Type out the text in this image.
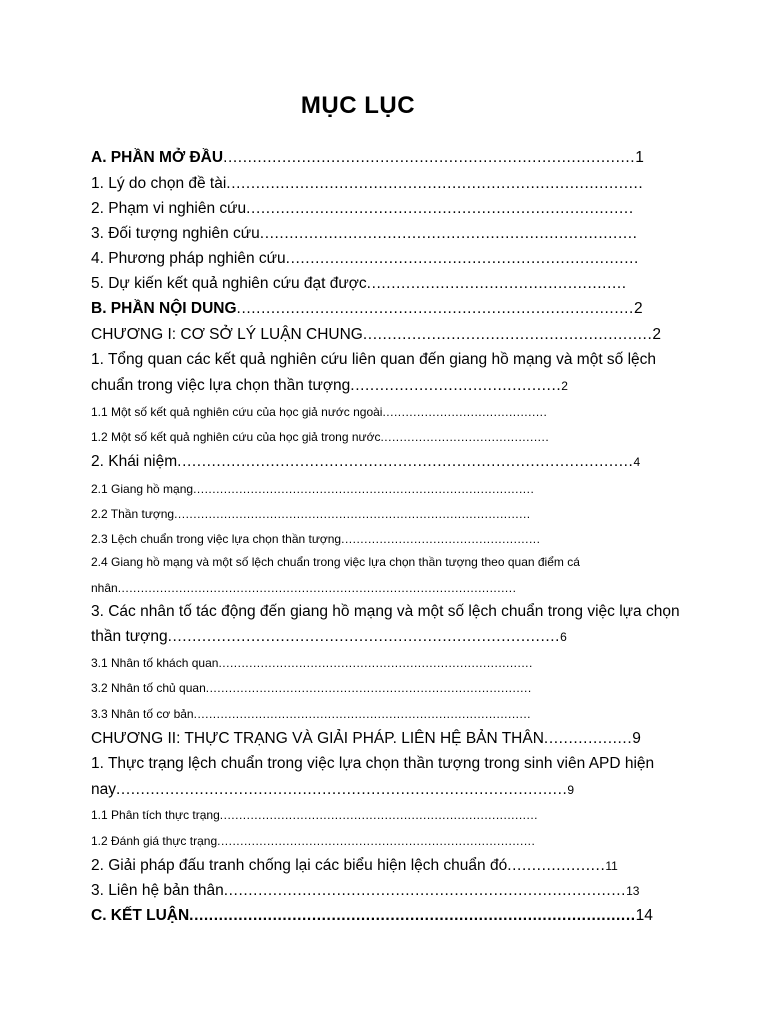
MỤC LỤC
A. PHẦN MỞ ĐẦU....................................................................................1
1. Lý do chọn đề tài.....................................................................................
2. Phạm vi nghiên cứu...............................................................................
3. Đối tượng nghiên cứu.............................................................................
4. Phương pháp nghiên cứu........................................................................
5. Dự kiến kết quả nghiên cứu đạt được.....................................................
B. PHẦN NỘI DUNG.................................................................................2
CHƯƠNG I: CƠ SỞ LÝ LUẬN CHUNG...........................................................2
1. Tổng quan các kết quả nghiên cứu liên quan đến giang hồ mạng và một số lệch
chuẩn trong việc lựa chọn thần tượng...........................................2
1.1 Một số kết quả nghiên cứu của học giả nước ngoài...........................................
1.2 Một số kết quả nghiên cứu của học giả trong nước............................................
2. Khái niệm.............................................................................................4
2.1 Giang hồ mạng.........................................................................................
2.2 Thần tượng.............................................................................................
2.3 Lệch chuẩn trong việc lựa chọn thần tượng....................................................
2.4 Giang hồ mạng và một số lệch chuẩn trong việc lựa chọn thần tượng theo quan điểm cá
nhân........................................................................................................
3. Các nhân tố tác động đến giang hồ mạng và một số lệch chuẩn trong việc lựa chọn
thần tượng................................................................................6
3.1 Nhân tố khách quan..................................................................................
3.2 Nhân tố chủ quan.....................................................................................
3.3 Nhân tố cơ bản........................................................................................
CHƯƠNG II: THỰC TRẠNG VÀ GIẢI PHÁP. LIÊN HỆ BẢN THÂN..................9
1. Thực trạng lệch chuẩn trong việc lựa chọn thần tượng trong sinh viên APD hiện
nay............................................................................................9
1.1 Phân tích thực trạng...................................................................................
1.2 Đánh giá thực trạng...................................................................................
2. Giải pháp đấu tranh chống lại các biểu hiện lệch chuẩn đó....................11
3. Liên hệ bản thân..................................................................................13
C. KẾT LUẬN...........................................................................................14
